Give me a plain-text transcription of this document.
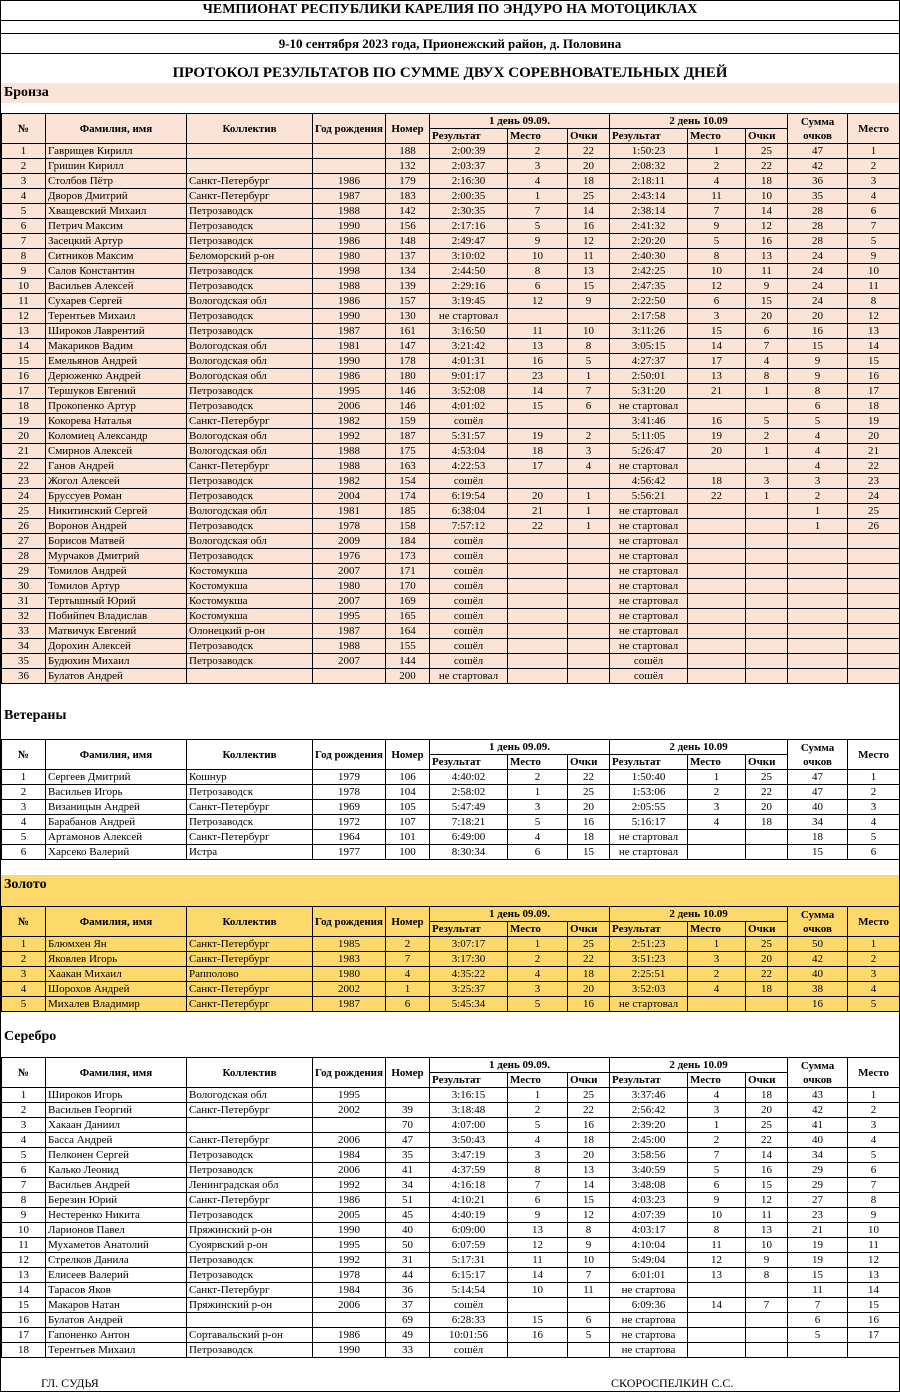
ЧЕМПИОНАТ РЕСПУБЛИКИ КАРЕЛИЯ ПО ЭНДУРО НА МОТОЦИКЛАХ
9-10 сентября 2023 года, Прионежский район, д. Половина
ПРОТОКОЛ РЕЗУЛЬТАТОВ ПО СУММЕ ДВУХ СОРЕВНОВАТЕЛЬНЫХ ДНЕЙ
Бронза
№	Фамилия, имя	Коллектив	Год рождения	Номер	1 день 09.09.			2 день 10.09			Сумма очков	Место
					Результат	Место	Очки	Результат	Место	Очки		
1	Гаврищев Кирилл			188	2:00:39	2	22	1:50:23	1	25	47	1
2	Гришин Кирилл			132	2:03:37	3	20	2:08:32	2	22	42	2
3	Столбов Пётр	Санкт-Петербург	1986	179	2:16:30	4	18	2:18:11	4	18	36	3
4	Дворов Дмитрий	Санкт-Петербург	1987	183	2:00:35	1	25	2:43:14	11	10	35	4
5	Хващевский Михаил	Петрозаводск	1988	142	2:30:35	7	14	2:38:14	7	14	28	6
6	Петрич Максим	Петрозаводск	1990	156	2:17:16	5	16	2:41:32	9	12	28	7
7	Засецкий Артур	Петрозаводск	1986	148	2:49:47	9	12	2:20:20	5	16	28	5
8	Ситников Максим	Беломорский р-он	1980	137	3:10:02	10	11	2:40:30	8	13	24	9
9	Салов Константин	Петрозаводск	1998	134	2:44:50	8	13	2:42:25	10	11	24	10
10	Васильев Алексей	Петрозаводск	1988	139	2:29:16	6	15	2:47:35	12	9	24	11
11	Сухарев Сергей	Вологодская обл	1986	157	3:19:45	12	9	2:22:50	6	15	24	8
12	Терентьев Михаил	Петрозаводск	1990	130	не стартовал			2:17:58	3	20	20	12
13	Широков Лаврентий	Петрозаводск	1987	161	3:16:50	11	10	3:11:26	15	6	16	13
14	Макариков Вадим	Вологодская обл	1981	147	3:21:42	13	8	3:05:15	14	7	15	14
15	Емельянов Андрей	Вологодская обл	1990	178	4:01:31	16	5	4:27:37	17	4	9	15
16	Дерюженко Андрей	Вологодская обл	1986	180	9:01:17	23	1	2:50:01	13	8	9	16
17	Тершуков Евгений	Петрозаводск	1995	146	3:52:08	14	7	5:31:20	21	1	8	17
18	Прокопенко Артур	Петрозаводск	2006	146	4:01:02	15	6	не стартовал			6	18
19	Кокорева Наталья	Санкт-Петербург	1982	159	сошёл			3:41:46	16	5	5	19
20	Коломиец Александр	Вологодская обл	1992	187	5:31:57	19	2	5:11:05	19	2	4	20
21	Смирнов Алексей	Вологодская обл	1988	175	4:53:04	18	3	5:26:47	20	1	4	21
22	Ганов Андрей	Санкт-Петербург	1988	163	4:22:53	17	4	не стартовал			4	22
23	Жогол Алексей	Петрозаводск	1982	154	сошёл			4:56:42	18	3	3	23
24	Бруссуев Роман	Петрозаводск	2004	174	6:19:54	20	1	5:56:21	22	1	2	24
25	Никитинский Сергей	Вологодская обл	1981	185	6:38:04	21	1	не стартовал			1	25
26	Воронов Андрей	Петрозаводск	1978	158	7:57:12	22	1	не стартовал			1	26
27	Борисов Матвей	Вологодская обл	2009	184	сошёл			не стартовал				
28	Мурчаков Дмитрий	Петрозаводск	1976	173	сошёл			не стартовал				
29	Томилов Андрей	Костомукша	2007	171	сошёл			не стартовал				
30	Томилов Артур	Костомукша	1980	170	сошёл			не стартовал				
31	Тертышный Юрий	Костомукша	2007	169	сошёл			не стартовал				
32	Побийпеч Владислав	Костомукша	1995	165	сошёл			не стартовал				
33	Матвичук Евгений	Олонецкий р-он	1987	164	сошёл			не стартовал				
34	Дорохин Алексей	Петрозаводск	1988	155	сошёл			не стартовал				
35	Будюхин Михаил	Петрозаводск	2007	144	сошёл			сошёл				
36	Булатов Андрей			200	не стартовал			сошёл				
Ветераны
№	Фамилия, имя	Коллектив	Год рождения	Номер	1 день 09.09.			2 день 10.09			Сумма очков	Место
					Результат	Место	Очки	Результат	Место	Очки		
1	Сергеев Дмитрий	Кошнур	1979	106	4:40:02	2	22	1:50:40	1	25	47	1
2	Васильев Игорь	Петрозаводск	1978	104	2:58:02	1	25	1:53:06	2	22	47	2
3	Визаницын Андрей	Санкт-Петербург	1969	105	5:47:49	3	20	2:05:55	3	20	40	3
4	Барабанов Андрей	Петрозаводск	1972	107	7:18:21	5	16	5:16:17	4	18	34	4
5	Артамонов Алексей	Санкт-Петербург	1964	101	6:49:00	4	18	не стартовал			18	5
6	Харсеко Валерий	Истра	1977	100	8:30:34	6	15	не стартовал			15	6
Золото
№	Фамилия, имя	Коллектив	Год рождения	Номер	1 день 09.09.			2 день 10.09			Сумма очков	Место
					Результат	Место	Очки	Результат	Место	Очки		
1	Блюмхен Ян	Санкт-Петербург	1985	2	3:07:17	1	25	2:51:23	1	25	50	1
2	Яковлев Игорь	Санкт-Петербург	1983	7	3:17:30	2	22	3:51:23	3	20	42	2
3	Хаакан Михаил	Рапполово	1980	4	4:35:22	4	18	2:25:51	2	22	40	3
4	Шорохов Андрей	Санкт-Петербург	2002	1	3:25:37	3	20	3:52:03	4	18	38	4
5	Михалев Владимир	Санкт-Петербург	1987	6	5:45:34	5	16	не стартовал			16	5
Серебро
№	Фамилия, имя	Коллектив	Год рождения	Номер	1 день 09.09.			2 день 10.09			Сумма очков	Место
					Результат	Место	Очки	Результат	Место	Очки		
1	Широков Игорь	Вологодская обл	1995		3:16:15	1	25	3:37:46	4	18	43	1
2	Васильев Георгий	Санкт-Петербург	2002	39	3:18:48	2	22	2:56:42	3	20	42	2
3	Хакаан Даниил			70	4:07:00	5	16	2:39:20	1	25	41	3
4	Басса Андрей	Санкт-Петербург	2006	47	3:50:43	4	18	2:45:00	2	22	40	4
5	Пелконен Сергей	Петрозаводск	1984	35	3:47:19	3	20	3:58:56	7	14	34	5
6	Калько Леонид	Петрозаводск	2006	41	4:37:59	8	13	3:40:59	5	16	29	6
7	Васильев Андрей	Ленинградская обл	1992	34	4:16:18	7	14	3:48:08	6	15	29	7
8	Березин Юрий	Санкт-Петербург	1986	51	4:10:21	6	15	4:03:23	9	12	27	8
9	Нестеренко Никита	Петрозаводск	2005	45	4:40:19	9	12	4:07:39	10	11	23	9
10	Ларионов Павел	Пряжинский р-он	1990	40	6:09:00	13	8	4:03:17	8	13	21	10
11	Мухаметов Анатолий	Суоярвский р-он	1995	50	6:07:59	12	9	4:10:04	11	10	19	11
12	Стрелков Данила	Петрозаводск	1992	31	5:17:31	11	10	5:49:04	12	9	19	12
13	Елисеев Валерий	Петрозаводск	1978	44	6:15:17	14	7	6:01:01	13	8	15	13
14	Тарасов Яков	Санкт-Петербург	1984	36	5:14:54	10	11	не стартова			11	14
15	Макаров Натан	Пряжинский р-он	2006	37	сошёл			6:09:36	14	7	7	15
16	Булатов Андрей			69	6:28:33	15	6	не стартова			6	16
17	Гапоненко Антон	Сортавальский р-он	1986	49	10:01:56	16	5	не стартова			5	17
18	Терентьев Михаил	Петрозаводск	1990	33	сошёл			не стартова				
ГЛ. СУДЬЯ	СКОРОСПЕЛКИН С.С.
